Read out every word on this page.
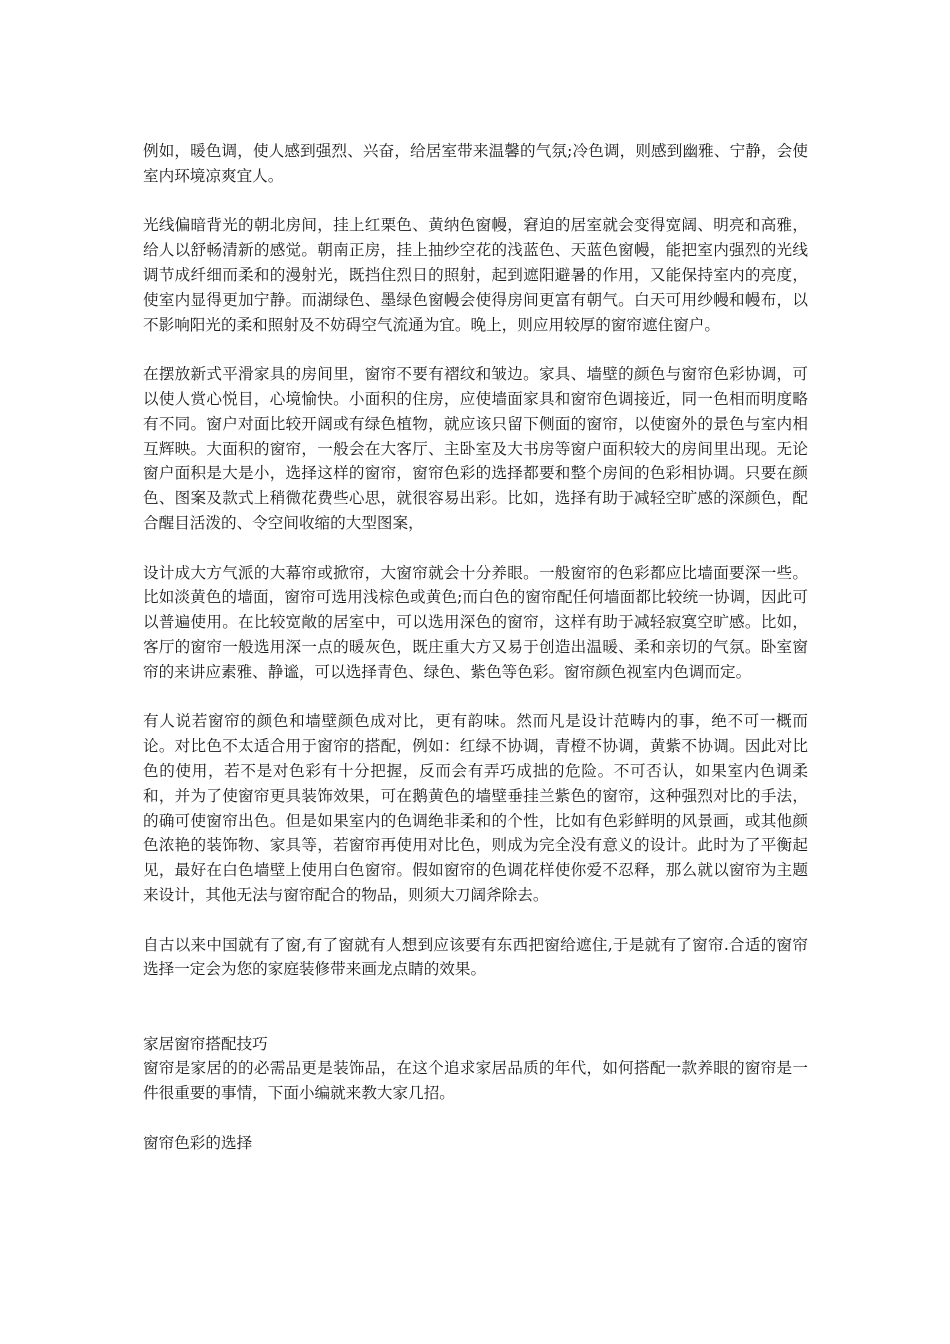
例如，暖色调，使人感到强烈、兴奋，给居室带来温馨的气氛;冷色调，则感到幽雅、宁静，会使室内环境凉爽宜人。

光线偏暗背光的朝北房间，挂上红栗色、黄纳色窗幔，窘迫的居室就会变得宽阔、明亮和高雅，给人以舒畅清新的感觉。朝南正房，挂上抽纱空花的浅蓝色、天蓝色窗幔，能把室内强烈的光线调节成纤细而柔和的漫射光，既挡住烈日的照射，起到遮阳避暑的作用，又能保持室内的亮度，使室内显得更加宁静。而湖绿色、墨绿色窗幔会使得房间更富有朝气。白天可用纱幔和幔布，以不影响阳光的柔和照射及不妨碍空气流通为宜。晚上，则应用较厚的窗帘遮住窗户。

在摆放新式平滑家具的房间里，窗帘不要有褶纹和皱边。家具、墙壁的颜色与窗帘色彩协调，可以使人赏心悦目，心境愉快。小面积的住房，应使墙面家具和窗帘色调接近，同一色相而明度略有不同。窗户对面比较开阔或有绿色植物，就应该只留下侧面的窗帘，以使窗外的景色与室内相互辉映。大面积的窗帘，一般会在大客厅、主卧室及大书房等窗户面积较大的房间里出现。无论窗户面积是大是小，选择这样的窗帘，窗帘色彩的选择都要和整个房间的色彩相协调。只要在颜色、图案及款式上稍微花费些心思，就很容易出彩。比如，选择有助于减轻空旷感的深颜色，配合醒目活泼的、令空间收缩的大型图案，

设计成大方气派的大幕帘或掀帘，大窗帘就会十分养眼。一般窗帘的色彩都应比墙面要深一些。比如淡黄色的墙面，窗帘可选用浅棕色或黄色;而白色的窗帘配任何墙面都比较统一协调，因此可以普遍使用。在比较宽敞的居室中，可以选用深色的窗帘，这样有助于减轻寂寞空旷感。比如，客厅的窗帘一般选用深一点的暖灰色，既庄重大方又易于创造出温暖、柔和亲切的气氛。卧室窗帘的来讲应素雅、静谧，可以选择青色、绿色、紫色等色彩。窗帘颜色视室内色调而定。

有人说若窗帘的颜色和墙壁颜色成对比，更有韵味。然而凡是设计范畴内的事，绝不可一概而论。对比色不太适合用于窗帘的搭配，例如：红绿不协调，青橙不协调，黄紫不协调。因此对比色的使用，若不是对色彩有十分把握，反而会有弄巧成拙的危险。不可否认，如果室内色调柔和，并为了使窗帘更具装饰效果，可在鹅黄色的墙壁垂挂兰紫色的窗帘，这种强烈对比的手法，的确可使窗帘出色。但是如果室内的色调绝非柔和的个性，比如有色彩鲜明的风景画，或其他颜色浓艳的装饰物、家具等，若窗帘再使用对比色，则成为完全没有意义的设计。此时为了平衡起见，最好在白色墙壁上使用白色窗帘。假如窗帘的色调花样使你爱不忍释，那么就以窗帘为主题来设计，其他无法与窗帘配合的物品，则须大刀阔斧除去。

自古以来中国就有了窗,有了窗就有人想到应该要有东西把窗给遮住,于是就有了窗帘.合适的窗帘选择一定会为您的家庭装修带来画龙点睛的效果。

家居窗帘搭配技巧

窗帘是家居的的必需品更是装饰品，在这个追求家居品质的年代，如何搭配一款养眼的窗帘是一件很重要的事情，下面小编就来教大家几招。

窗帘色彩的选择
